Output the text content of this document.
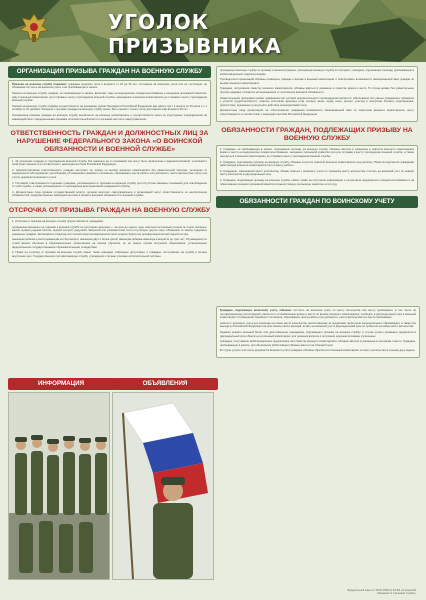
УГОЛОК ПРИЗЫВНИКА
ОРГАНИЗАЦИЯ ПРИЗЫВА ГРАЖДАН НА ВОЕННУЮ СЛУЖБУ

Призыву на военную службу подлежат: граждане мужского пола в возрасте от 18 до 30 лет, состоящие на воинском учете или не состоящие, но обязанные состоять на воинском учете и не пребывающие в запасе.

Призыв на военную службу граждан, не пребывающих в запасе, включает: явку на медицинское освидетельствование и заседание призывной комиссии; явку в военный комиссариат для отправки к месту прохождения военной службы; нахождение в военном комиссариате до отправки к месту прохождения военной службы.

Призыв на военную службу граждан осуществляется на основании указов Президента Российской Федерации два раза в год с 1 апреля по 15 июля и с 1 октября по 31 декабря. Решение о призыве граждан на военную службу может быть принято только после достижения ими возраста 18 лет.

Организация призыва граждан на военную службу возлагается на военные комиссариаты и осуществляется через их структурные подразделения во взаимодействии с федеральными органами исполнительной власти и органами местного самоуправления.

ОТВЕТСТВЕННОСТЬ ГРАЖДАН И ДОЛЖНОСТНЫХ ЛИЦ ЗА НАРУШЕНИЕ ФЕДЕРАЛЬНОГО ЗАКОНА «О ВОИНСКОЙ ОБЯЗАННОСТИ И ВОЕННОЙ СЛУЖБЕ»

1. За уклонение граждан от прохождения военной службы без законных на то оснований они могут быть привлечены к административной, уголовной и иной ответственности в соответствии с законодательством Российской Федерации.

2. Административная ответственность граждан наступает за: неявку по вызову военного комиссариата без уважительной причины; уклонение от медицинского обследования; несообщение об изменении семейного положения, образования, места работы или должности, места жительства; порчу или утрату документов воинского учета.

3. Уголовной ответственности подлежат граждане, уклоняющиеся от призыва на военную службу при отсутствии законных оснований для освобождения от этой службы, а также уклоняющиеся от прохождения альтернативной гражданской службы.

4. Должностные лица органов государственной власти, органов местного самоуправления и организаций несут ответственность за неисполнение обязанностей, предусмотренных законодательством в области воинской обязанности и военной службы.

ОТСРОЧКА ОТ ПРИЗЫВА ГРАЖДАН НА ВОЕННУЮ СЛУЖБУ

1. Отсрочка от призыва на военную службу предоставляется гражданам:

признанным временно не годными к военной службе по состоянию здоровья — на срок до одного года; занятым постоянным уходом за отцом, матерью, женой, мужем, родным братом, родной сестрой, дедушкой, бабушкой или усыновителем, если отсутствуют другие лица, обязанные по закону содержать указанных граждан; являющимся опекуном или попечителем несовершеннолетнего родного брата или несовершеннолетней родной сестры.

имеющим ребенка и воспитывающим его без матери; имеющим двух и более детей; имеющим ребенка-инвалида в возрасте до трех лет; обучающимся по очной форме обучения в образовательных организациях на период обучения, но не свыше сроков получения образования, установленных федеральными государственными образовательными стандартами.

2. Право на отсрочку от призыва на военную службу имеют также граждане, избранные депутатами, и граждане, поступившие на службу в органы внутренних дел, Государственную противопожарную службу, учреждения и органы уголовно-исполнительной системы.

ИНФОРМАЦИЯ

проходящие военную службу по призыву и военнослужащие, проходящие военную службу по контракту; граждане, подлежащие призыву, пребывающие в мобилизационном людском резерве.

Руководители организаций обязаны оповещать граждан о вызове в военный комиссариат и обеспечивать возможность своевременной явки граждан по вызову военного комиссариата.

Граждане, получившие повестку военного комиссариата, обязаны явиться в указанное в повестке время и место. В случае неявки без уважительных причин граждане считаются уклоняющимися от исполнения воинской обязанности.

Уважительными причинами неявки гражданина при условии документального подтверждения являются: заболевание или увечье гражданина, связанное с утратой трудоспособности; тяжелое состояние здоровья отца, матери, жены, мужа, сына, дочери; участие в похоронах близкого родственника; препятствие, возникшее в результате действия непреодолимой силы.

Должностные лица организаций, не обеспечившие гражданам возможность своевременной явки по повесткам военного комиссариата, несут ответственность в соответствии с законодательством Российской Федерации.

ОБЯЗАННОСТИ ГРАЖДАН, ПОДЛЕЖАЩИХ ПРИЗЫВУ НА ВОЕННУЮ СЛУЖБУ

1. Граждане, не пребывающие в запасе, подлежащие призыву на военную службу, обязаны явиться в указанные в повестке военного комиссариата время и место на медицинское освидетельствование, заседание призывной комиссии или для отправки к месту прохождения военной службы, а также находиться в военном комиссариате до отправки к месту прохождения военной службы.

2. Граждане, подлежащие призыву на военную службу, обязаны получить повестки военного комиссариата под расписку. Повестки вручаются гражданам работниками военного комиссариата или по месту работы.

3. Гражданин, изменивший место жительства, обязан сняться с воинского учета по прежнему месту жительства и встать на воинский учет по новому месту жительства в двухнедельный срок.

4. Граждане, подлежащие призыву на военную службу, имеют право на получение информации о результатах медицинского освидетельствования и на обжалование решения призывной комиссии в вышестоящую призывную комиссию или в суд.

ОБЯЗАННОСТИ ГРАЖДАН ПО ВОИНСКОМУ УЧЕТУ
ОБЪЯВЛЕНИЯ

Граждане, подлежащие воинскому учету, обязаны: состоять на воинском учете по месту жительства или месту пребывания, в том числе не подтвержденному регистрацией; являться в установленные время и место по вызову военного комиссариата; сообщать в двухнедельный срок в военный комиссариат об изменении семейного положения, образования, места работы или должности, места жительства или места пребывания.

сняться с воинского учета при переезде на новое место жительства, расположенное за пределами территории муниципального образования, а также при выезде из Российской Федерации на срок свыше шести месяцев; встать на воинский учет в двухнедельный срок по прибытии на новое место жительства.

бережно хранить военный билет или удостоверение гражданина, подлежащего призыву на военную службу; в случае утраты указанных документов в двухнедельный срок обратиться в военный комиссариат для решения вопроса о получении документов взамен утраченных.

Граждане, получившие мобилизационное предписание или повестку военного комиссариата, обязаны явиться в указанные в них время и место. Граждане, пребывающие в запасе, при объявлении мобилизации обязаны явиться на сборный пункт.

В случае утраты или порчи документов воинского учета граждане обязаны обратиться в военный комиссариат по месту жительства в течение двух недель.

Федеральный закон от 28.03.1998 № 53-ФЗ «О воинской обязанности и военной службе»
